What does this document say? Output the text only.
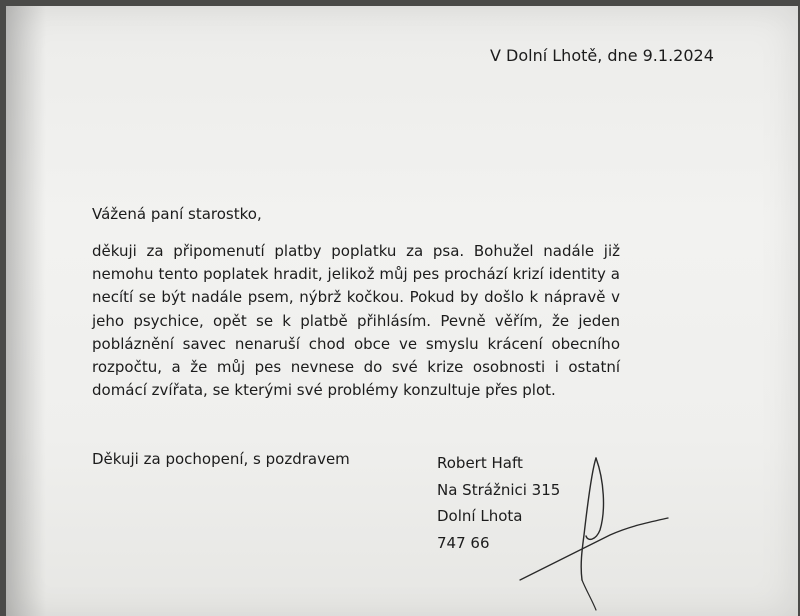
V Dolní Lhotě, dne 9.1.2024
Vážená paní starostko,

děkuji za připomenutí platby poplatku za psa. Bohužel nadále již nemohu tento poplatek hradit, jelikož můj pes prochází krizí identity a necítí se být nadále psem, nýbrž kočkou. Pokud by došlo k nápravě v jeho psychice, opět se k platbě přihlásím. Pevně věřím, že jeden pobláznění savec nenaruší chod obce ve smyslu krácení obecního rozpočtu, a že můj pes nevnese do své krize osobnosti i ostatní domácí zvířata, se kterými své problémy konzultuje přes plot.

Děkuji za pochopení, s pozdravem	Robert Haft
Na Strážnici 315
Dolní Lhota
747 66
